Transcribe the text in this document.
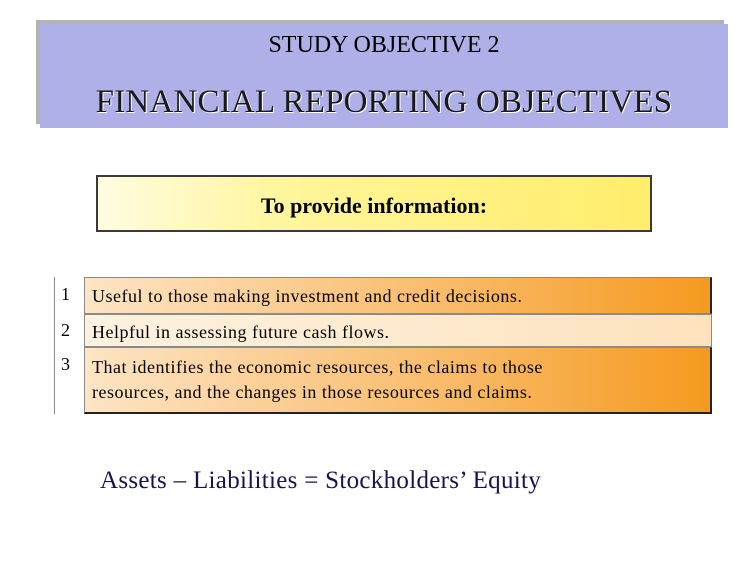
STUDY OBJECTIVE 2
FINANCIAL REPORTING OBJECTIVES
To provide information:
1	Useful to those making investment and credit decisions.
2	Helpful in assessing future cash flows.
3	That identifies the economic resources, the claims to those
resources, and the changes in those resources and claims.
Assets – Liabilities = Stockholders’ Equity
